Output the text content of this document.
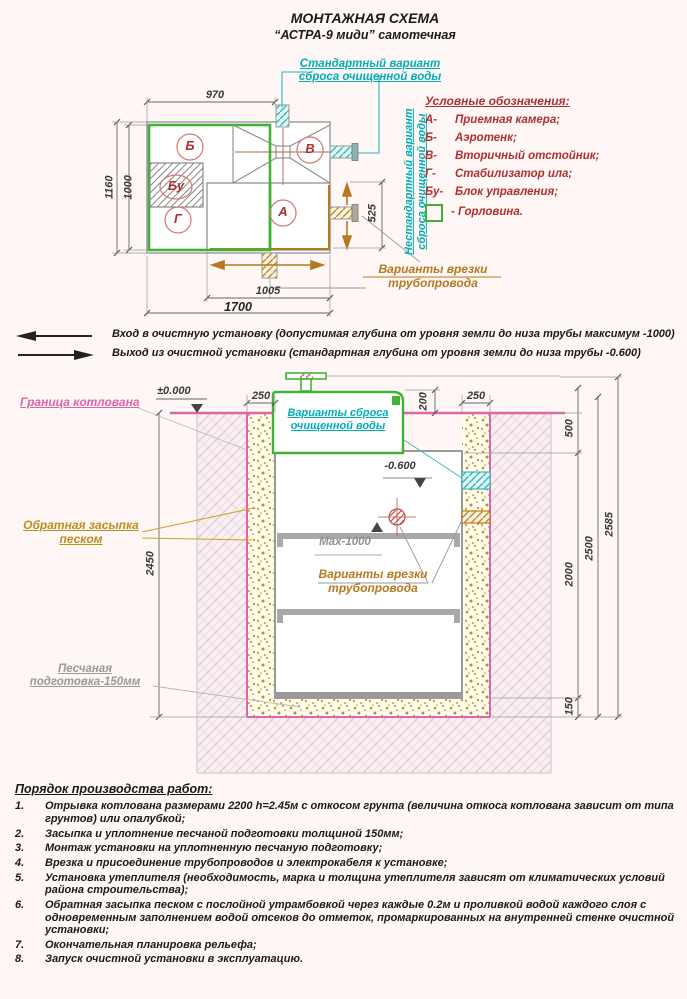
МОНТАЖНАЯ СХЕМА
“АСТРА-9 миди” самотечная
Стандартный вариант сброса очищенной воды
Нестандартный вариант сброса очищенной воды
Варианты врезки трубопровода
Б	В
Бу
Г	А
970
1160 1000
525
1005
1700
Условные обозначения:
А-	Приемная камера;
Б-	Аэротенк;
В-	Вторичный отстойник;
Г-	Стабилизатор ила;
Бу-	Блок управления;
- Горловина.
Вход в очистную установку (допустимая глубина от уровня земли до низа трубы максимум -1000)
Выход из очистной установки (стандартная глубина от уровня земли до низа трубы -0.600)
Граница котлована
±0.000
Обратная засыпка песком
Песчаная подготовка-150мм
Варианты сброса очищенной воды
-0.600
Max-1000
Варианты врезки трубопровода
250	200	250
2450
500
2000
150
2500
2585
Порядок производства работ:
1.	Отрывка котлована размерами 2200 h=2.45м с откосом грунта (величина откоса котлована зависит от типа грунтов) или опалубкой;
2.	Засыпка и уплотнение песчаной подготовки толщиной 150мм;
3.	Монтаж установки на уплотненную песчаную подготовку;
4.	Врезка и присоединение трубопроводов и электрокабеля к установке;
5.	Установка утеплителя (необходимость, марка и толщина утеплителя зависят от климатических условий района строительства);
6.	Обратная засыпка песком с послойной утрамбовкой через каждые 0.2м и проливкой водой каждого слоя с одновременным заполнением водой отсеков до отметок, промаркированных на внутренней стенке очистной установки;
7.	Окончательная планировка рельефа;
8.	Запуск очистной установки в эксплуатацию.
